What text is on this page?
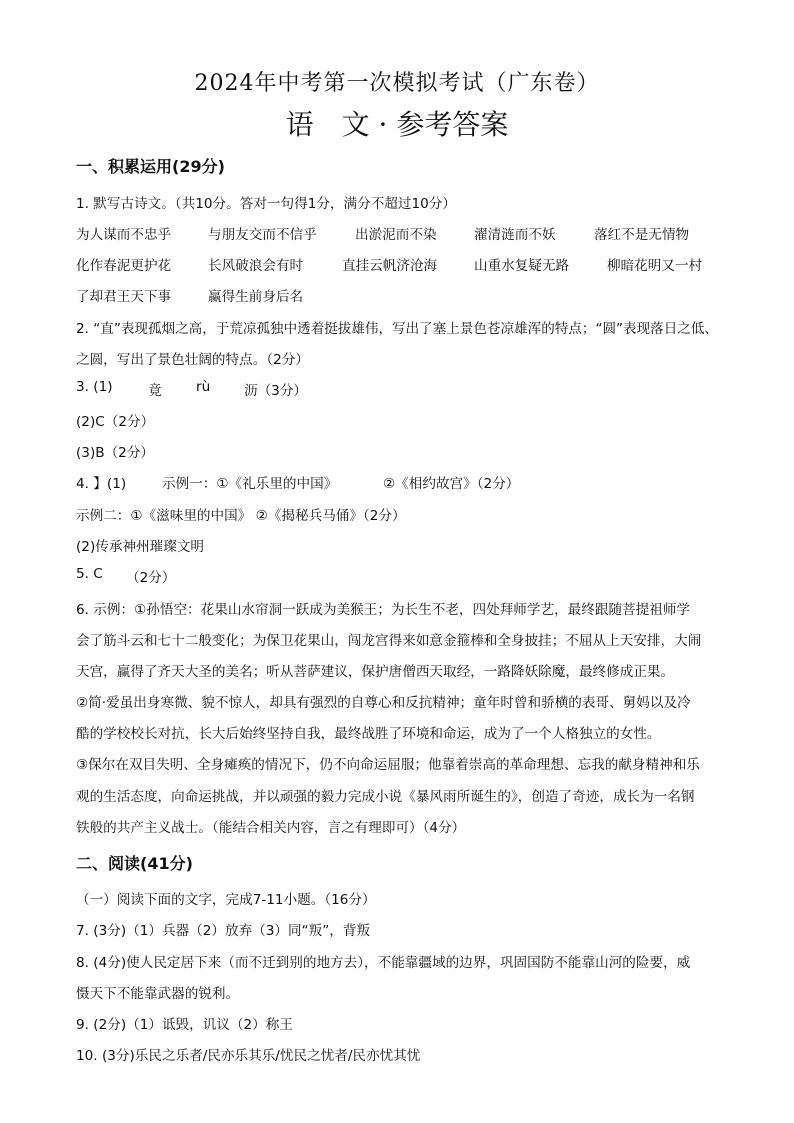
2024年中考第一次模拟考试（广东卷）
语　文 · 参考答案
一、积累运用(29分)
1. 默写古诗文。（共10分。答对一句得1分，满分不超过10分）
为人谋而不忠乎	与朋友交而不信乎	出淤泥而不染	濯清涟而不妖	落红不是无情物
化作春泥更护花	长风破浪会有时	直挂云帆济沧海	山重水复疑无路	柳暗花明又一村
了却君王天下事	赢得生前身后名
2. “直”表现孤烟之高，于荒凉孤独中透着挺拔雄伟，写出了塞上景色苍凉雄浑的特点；“圆”表现落日之低、
之圆，写出了景色壮阔的特点。（2分）
3. (1)	竟	rù 沥（3分）
(2)C（2分）
(3)B（2分）
4. 】(1)	示例一：①《礼乐里的中国》	②《相约故宫》（2分）
示例二：①《滋味里的中国》 ②《揭秘兵马俑》（2分）
(2)传承神州璀璨文明
5. C （2分）
6. 示例：①孙悟空：花果山水帘洞一跃成为美猴王；为长生不老，四处拜师学艺，最终跟随菩提祖师学
会了筋斗云和七十二般变化；为保卫花果山，闯龙宫得来如意金箍棒和全身披挂；不屈从上天安排，大闹
天宫，赢得了齐天大圣的美名；听从菩萨建议，保护唐僧西天取经，一路降妖除魔，最终修成正果。
②简·爱虽出身寒微、貌不惊人，却具有强烈的自尊心和反抗精神；童年时曾和骄横的表哥、舅妈以及冷
酷的学校校长对抗，长大后始终坚持自我，最终战胜了环境和命运，成为了一个人格独立的女性。
③保尔在双目失明、全身瘫痪的情况下，仍不向命运屈服；他靠着崇高的革命理想、忘我的献身精神和乐
观的生活态度，向命运挑战，并以顽强的毅力完成小说《暴风雨所诞生的》，创造了奇迹，成长为一名钢
铁般的共产主义战士。（能结合相关内容，言之有理即可）（4分）
二、阅读(41分)
（一）阅读下面的文字，完成7-11小题。（16分）
7. (3分)（1）兵器（2）放弃（3）同“叛”，背叛
8. (4分)使人民定居下来（而不迁到别的地方去），不能靠疆域的边界，巩固国防不能靠山河的险要，威
慑天下不能靠武器的锐利。
9. (2分)（1）诋毁，讥议（2）称王
10. (3分)乐民之乐者/民亦乐其乐/忧民之忧者/民亦忧其忧
